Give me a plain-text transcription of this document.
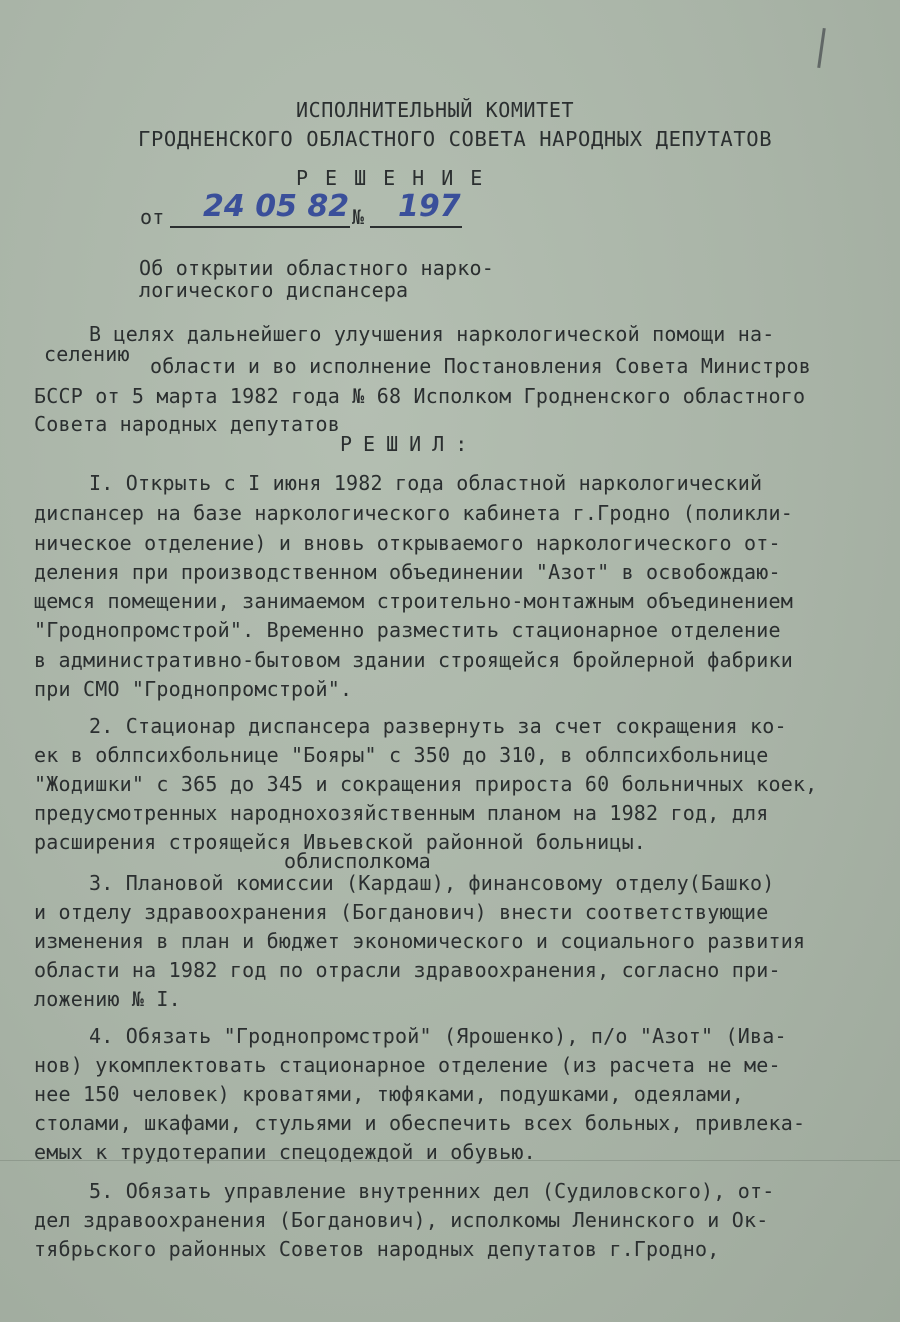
ИСПОЛНИТЕЛЬНЫЙ КОМИТЕТ
ГРОДНЕНСКОГО ОБЛАСТНОГО СОВЕТА НАРОДНЫХ ДЕПУТАТОВ
РЕШЕНИЕ
от 24 05 82 № 197
Об открытии областного нарко-
логического диспансера
В целях дальнейшего улучшения наркологической помощи на-
селению области и во исполнение Постановления Совета Министров
БССР от 5 марта 1982 года № 68 Исполком Гродненского областного
Совета народных депутатов
РЕШИЛ:
I. Открыть с I июня 1982 года областной наркологический
диспансер на базе наркологического кабинета г.Гродно (поликли-
ническое отделение) и вновь открываемого наркологического от-
деления при производственном объединении "Азот" в освобождаю-
щемся помещении, занимаемом строительно-монтажным объединением
"Гроднопромстрой". Временно разместить стационарное отделение
в административно-бытовом здании строящейся бройлерной фабрики
при СМО "Гроднопромстрой".
2. Стационар диспансера развернуть за счет сокращения ко-
ек в облпсихбольнице "Бояры" с 350 до 310, в облпсихбольнице
"Жодишки" с 365 до 345 и сокращения прироста 60 больничных коек,
предусмотренных народнохозяйственным планом на 1982 год, для
расширения строящейся Ивьевской районной больницы.
облисполкома
3. Плановой комиссии (Кардаш), финансовому отделу(Башко)
и отделу здравоохранения (Богданович) внести соответствующие
изменения в план и бюджет экономического и социального развития
области на 1982 год по отрасли здравоохранения, согласно при-
ложению № I.
4. Обязать "Гроднопромстрой" (Ярошенко), п/о "Азот" (Ива-
нов) укомплектовать стационарное отделение (из расчета не ме-
нее 150 человек) кроватями, тюфяками, подушками, одеялами,
столами, шкафами, стульями и обеспечить всех больных, привлека-
емых к трудотерапии спецодеждой и обувью.
5. Обязать управление внутренних дел (Судиловского), от-
дел здравоохранения (Богданович), исполкомы Ленинского и Ок-
тябрьского районных Советов народных депутатов г.Гродно,
